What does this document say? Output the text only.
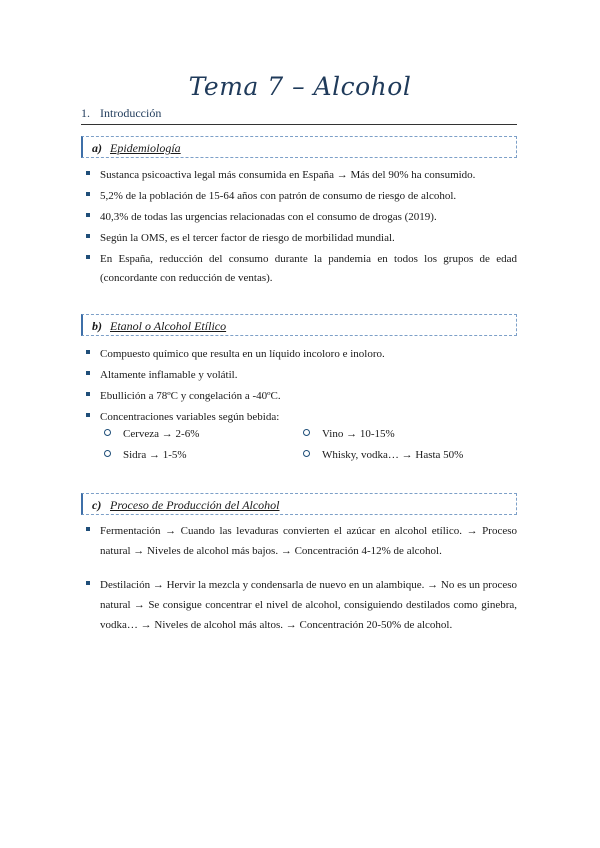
Tema 7 – Alcohol
1. Introducción
a) Epidemiología
Sustanca psicoactiva legal más consumida en España → Más del 90% ha consumido.
5,2% de la población de 15-64 años con patrón de consumo de riesgo de alcohol.
40,3% de todas las urgencias relacionadas con el consumo de drogas (2019).
Según la OMS, es el tercer factor de riesgo de morbilidad mundial.
En España, reducción del consumo durante la pandemia en todos los grupos de edad (concordante con reducción de ventas).
b) Etanol o Alcohol Etílico
Compuesto químico que resulta en un líquido incoloro e inoloro.
Altamente inflamable y volátil.
Ebullición a 78ºC y congelación a -40ºC.
Concentraciones variables según bebida:
Cerveza → 2-6%	Vino → 10-15%
Sidra → 1-5%	Whisky, vodka… → Hasta 50%
c) Proceso de Producción del Alcohol
Fermentación → Cuando las levaduras convierten el azúcar en alcohol etílico. → Proceso natural → Niveles de alcohol más bajos. → Concentración 4-12% de alcohol.
Destilación → Hervir la mezcla y condensarla de nuevo en un alambique. → No es un proceso natural → Se consigue concentrar el nivel de alcohol, consiguiendo destilados como ginebra, vodka… → Niveles de alcohol más altos. → Concentración 20-50% de alcohol.
